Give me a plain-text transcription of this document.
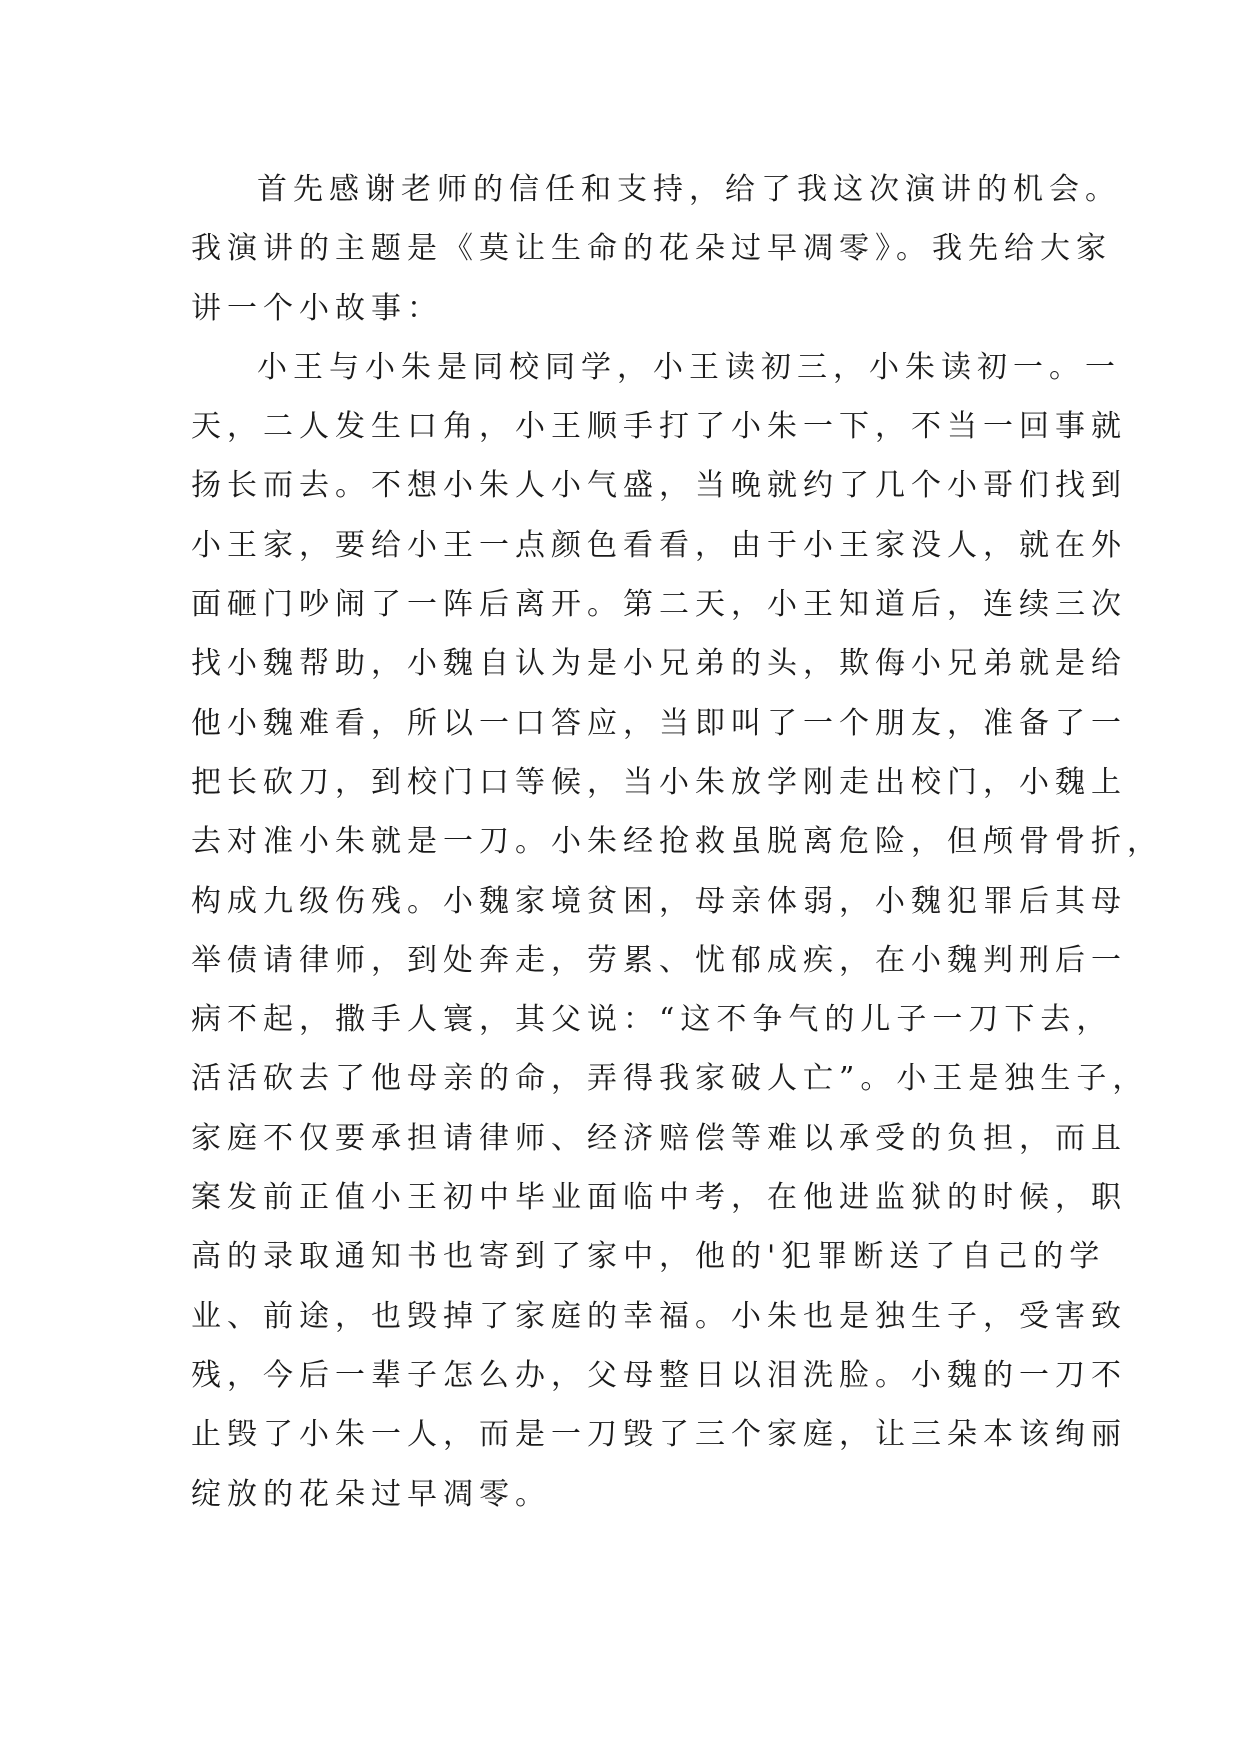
首先感谢老师的信任和支持，给了我这次演讲的机会。
我演讲的主题是《莫让生命的花朵过早凋零》。我先给大家
讲一个小故事：
小王与小朱是同校同学，小王读初三，小朱读初一。一
天，二人发生口角，小王顺手打了小朱一下，不当一回事就
扬长而去。不想小朱人小气盛，当晚就约了几个小哥们找到
小王家，要给小王一点颜色看看，由于小王家没人，就在外
面砸门吵闹了一阵后离开。第二天，小王知道后，连续三次
找小魏帮助，小魏自认为是小兄弟的头，欺侮小兄弟就是给
他小魏难看，所以一口答应，当即叫了一个朋友，准备了一
把长砍刀，到校门口等候，当小朱放学刚走出校门，小魏上
去对准小朱就是一刀。小朱经抢救虽脱离危险，但颅骨骨折，
构成九级伤残。小魏家境贫困，母亲体弱，小魏犯罪后其母
举债请律师，到处奔走，劳累、忧郁成疾，在小魏判刑后一
病不起，撒手人寰，其父说：“这不争气的儿子一刀下去，
活活砍去了他母亲的命，弄得我家破人亡”。小王是独生子，
家庭不仅要承担请律师、经济赔偿等难以承受的负担，而且
案发前正值小王初中毕业面临中考，在他进监狱的时候，职
高的录取通知书也寄到了家中，他的'犯罪断送了自己的学
业、前途，也毁掉了家庭的幸福。小朱也是独生子，受害致
残，今后一辈子怎么办，父母整日以泪洗脸。小魏的一刀不
止毁了小朱一人，而是一刀毁了三个家庭，让三朵本该绚丽
绽放的花朵过早凋零。
